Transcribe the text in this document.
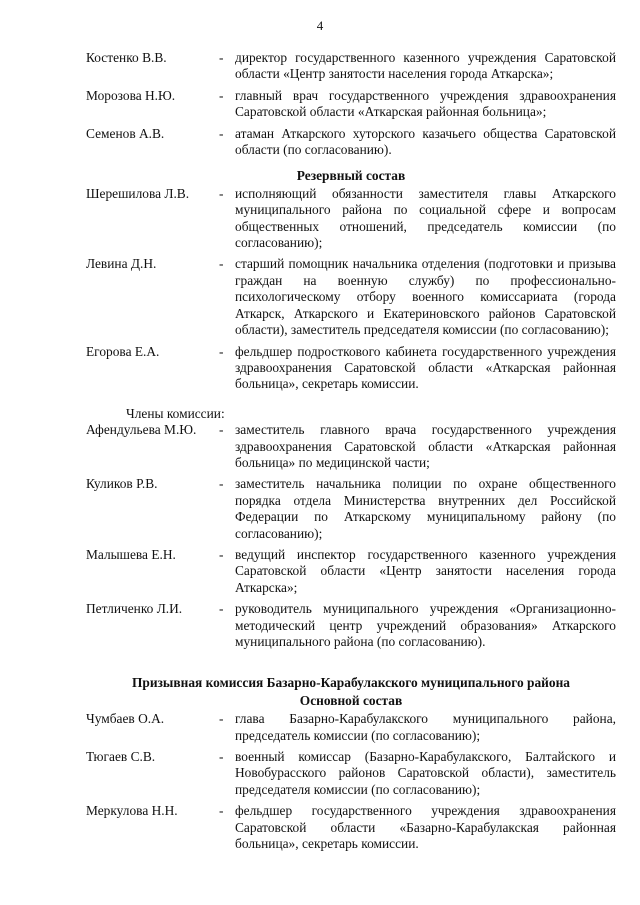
4
Костенко В.В.	- директор государственного казенного учреждения Саратовской области «Центр занятости населения города Аткарска»;
Морозова Н.Ю.	- главный врач государственного учреждения здравоохранения Саратовской области «Аткарская районная больница»;
Семенов А.В.	- атаман Аткарского хуторского казачьего общества Саратовской области (по согласованию).
Резервный состав
Шерешилова Л.В.	- исполняющий обязанности заместителя главы Аткарского муниципального района по социальной сфере и вопросам общественных отношений, председатель комиссии (по согласованию);
Левина Д.Н.	- старший помощник начальника отделения (подготовки и призыва граждан на военную службу) по профессионально-психологическому отбору военного комиссариата (города Аткарск, Аткарского и Екатериновского районов Саратовской области), заместитель председателя комиссии (по согласованию);
Егорова Е.А.	- фельдшер подросткового кабинета государственного учреждения здравоохранения Саратовской области «Аткарская районная больница», секретарь комиссии.
Члены комиссии:
Афендульева М.Ю.	- заместитель главного врача государственного учреждения здравоохранения Саратовской области «Аткарская районная больница» по медицинской части;
Куликов Р.В.	- заместитель начальника полиции по охране общественного порядка отдела Министерства внутренних дел Российской Федерации по Аткарскому муниципальному району (по согласованию);
Малышева Е.Н.	- ведущий инспектор государственного казенного учреждения Саратовской области «Центр занятости населения города Аткарска»;
Петличенко Л.И.	- руководитель муниципального учреждения «Организационно-методический центр учреждений образования» Аткарского муниципального района (по согласованию).
Призывная комиссия Базарно-Карабулакского муниципального района
Основной состав
Чумбаев О.А.	- глава Базарно-Карабулакского муниципального района, председатель комиссии (по согласованию);
Тюгаев С.В.	- военный комиссар (Базарно-Карабулакского, Балтайского и Новобурасского районов Саратовской области), заместитель председателя комиссии (по согласованию);
Меркулова Н.Н.	- фельдшер государственного учреждения здравоохранения Саратовской области «Базарно-Карабулакская районная больница», секретарь комиссии.
